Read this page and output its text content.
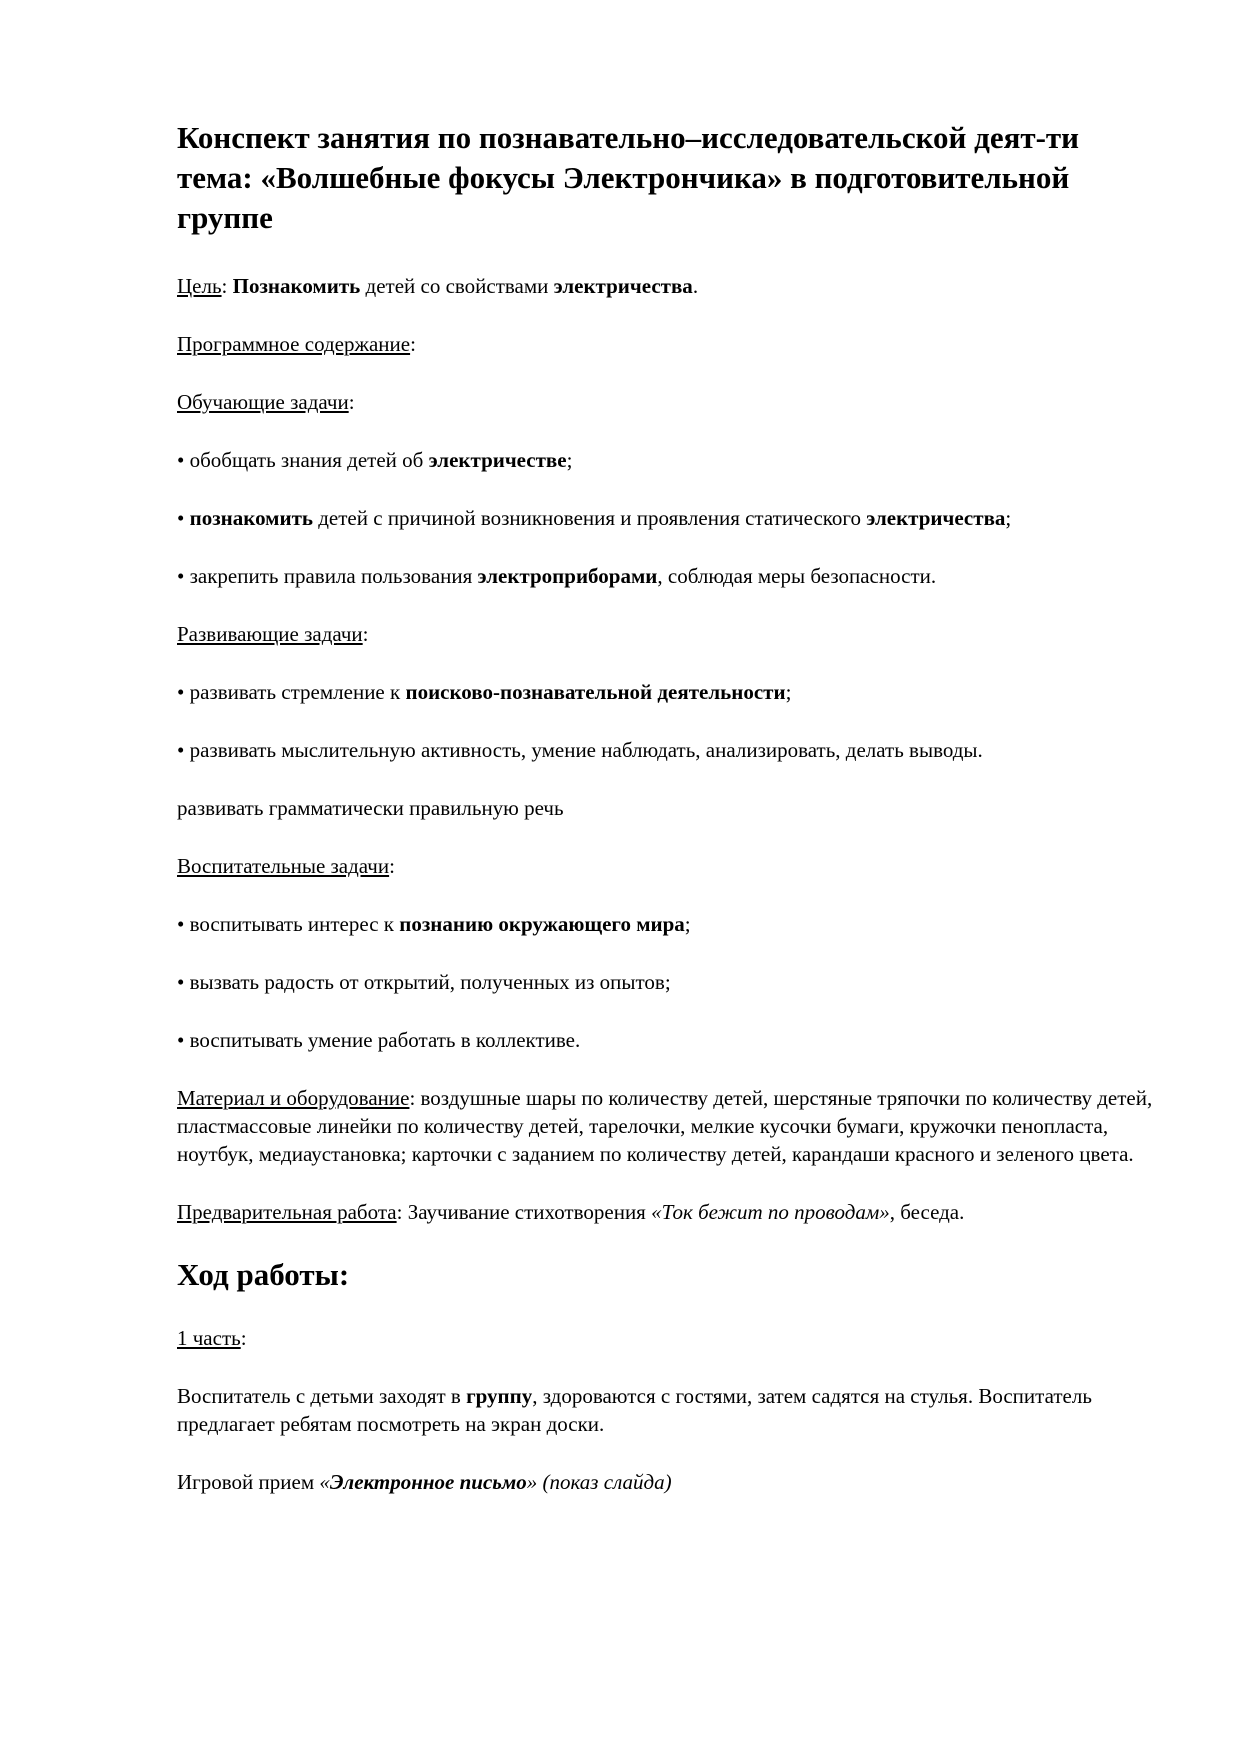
Конспект занятия по познавательно–исследовательской деят-ти тема: «Волшебные фокусы Электрончика» в подготовительной группе
Цель: Познакомить детей со свойствами электричества.
Программное содержание:
Обучающие задачи:
• обобщать знания детей об электричестве;
• познакомить детей с причиной возникновения и проявления статического электричества;
• закрепить правила пользования электроприборами, соблюдая меры безопасности.
Развивающие задачи:
• развивать стремление к поисково-познавательной деятельности;
• развивать мыслительную активность, умение наблюдать, анализировать, делать выводы.
развивать грамматически правильную речь
Воспитательные задачи:
• воспитывать интерес к познанию окружающего мира;
• вызвать радость от открытий, полученных из опытов;
• воспитывать умение работать в коллективе.
Материал и оборудование: воздушные шары по количеству детей, шерстяные тряпочки по количеству детей, пластмассовые линейки по количеству детей, тарелочки, мелкие кусочки бумаги, кружочки пенопласта, ноутбук, медиаустановка; карточки с заданием по количеству детей, карандаши красного и зеленого цвета.
Предварительная работа: Заучивание стихотворения «Ток бежит по проводам», беседа.
Ход работы:
1 часть:
Воспитатель с детьми заходят в группу, здороваются с гостями, затем садятся на стулья. Воспитатель предлагает ребятам посмотреть на экран доски.
Игровой прием «Электронное письмо» (показ слайда)
